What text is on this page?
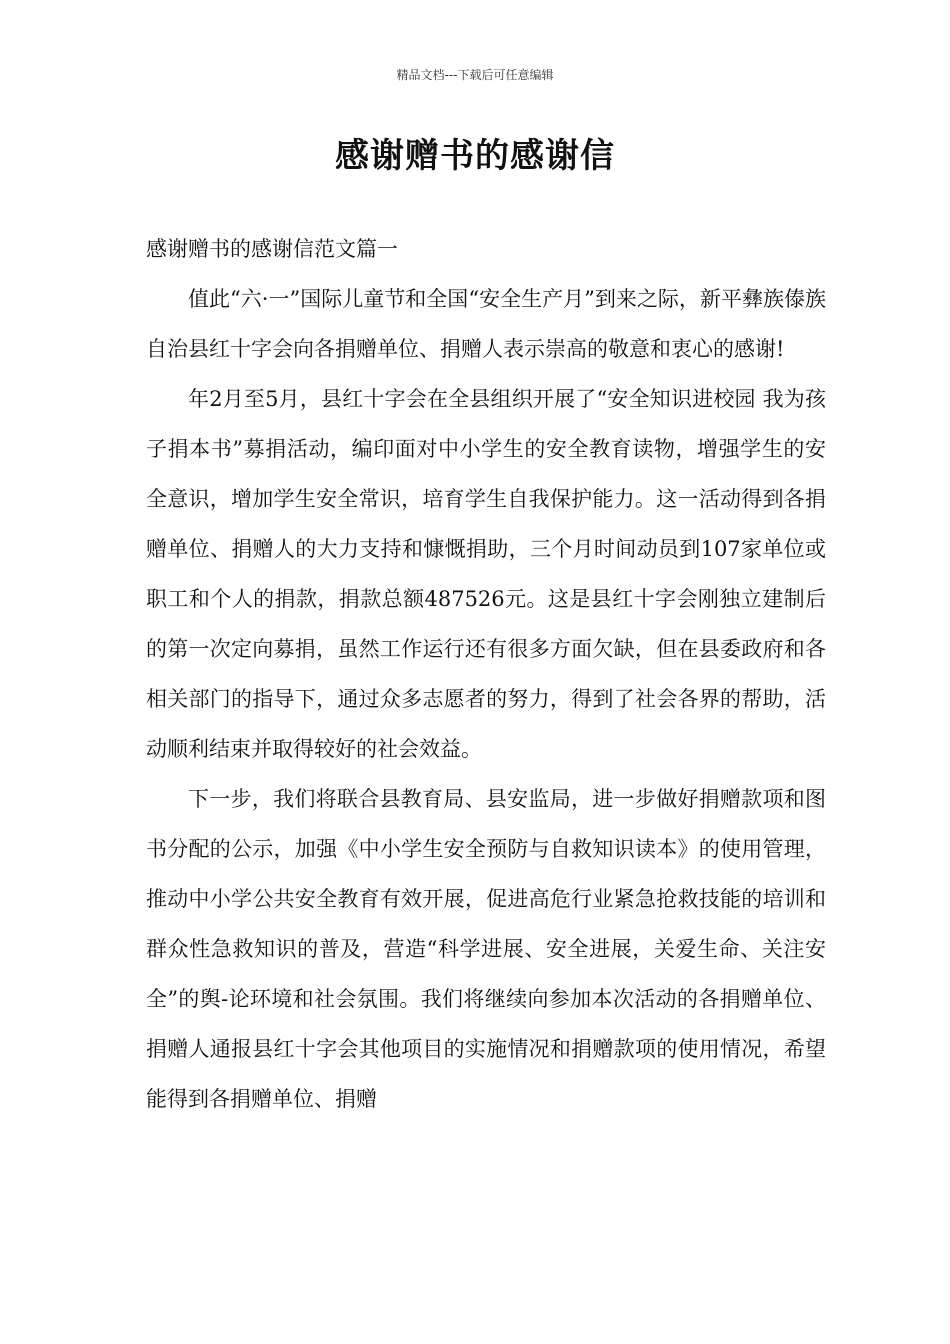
精品文档---下载后可任意编辑
感谢赠书的感谢信

感谢赠书的感谢信范文篇一

值此“六·一”国际儿童节和全国“安全生产月”到来之际，新平彝族傣族自治县红十字会向各捐赠单位、捐赠人表示崇高的敬意和衷心的感谢!

年2月至5月，县红十字会在全县组织开展了“安全知识进校园 我为孩子捐本书”募捐活动，编印面对中小学生的安全教育读物，增强学生的安全意识，增加学生安全常识，培育学生自我保护能力。这一活动得到各捐赠单位、捐赠人的大力支持和慷慨捐助，三个月时间动员到107家单位或职工和个人的捐款，捐款总额487526元。这是县红十字会刚独立建制后的第一次定向募捐，虽然工作运行还有很多方面欠缺，但在县委政府和各相关部门的指导下，通过众多志愿者的努力，得到了社会各界的帮助，活动顺利结束并取得较好的社会效益。

下一步，我们将联合县教育局、县安监局，进一步做好捐赠款项和图书分配的公示，加强《中小学生安全预防与自救知识读本》的使用管理，推动中小学公共安全教育有效开展，促进高危行业紧急抢救技能的培训和群众性急救知识的普及，营造“科学进展、安全进展，关爱生命、关注安全”的舆-论环境和社会氛围。我们将继续向参加本次活动的各捐赠单位、捐赠人通报县红十字会其他项目的实施情况和捐赠款项的使用情况，希望能得到各捐赠单位、捐赠
